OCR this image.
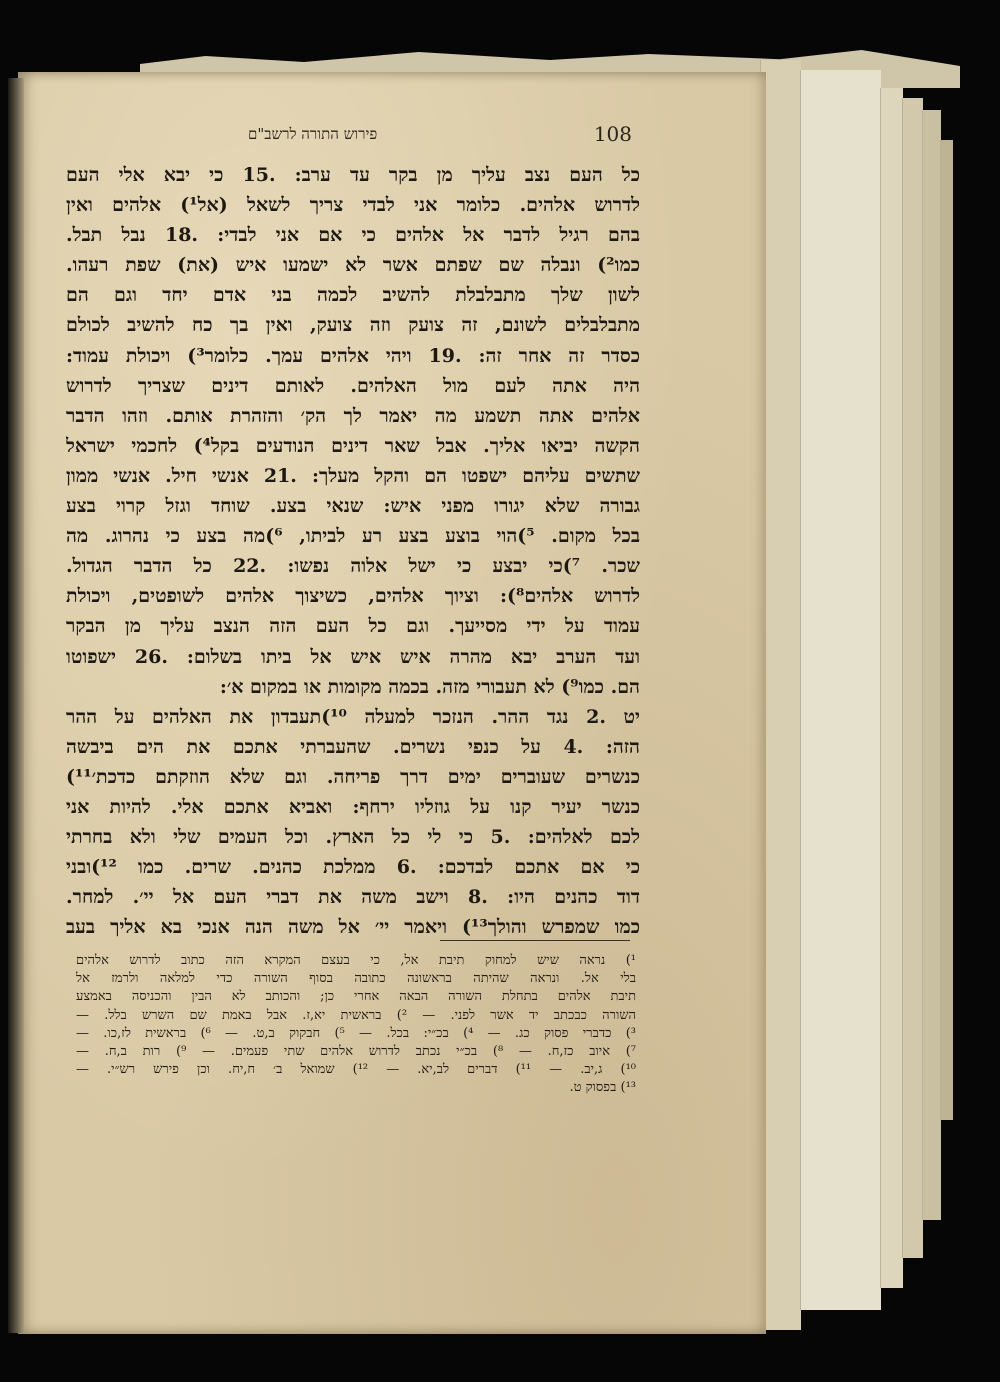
פירוש התורה לרשב"ם	108
כל העם נצב עליך מן בקר עד ערב: .15 כי יבא אלי העם
לדרוש אלהים. כלומר אני לבדי צריך לשאל (אל¹) אלהים ואין
בהם רגיל לדבר אל אלהים כי אם אני לבדי: .18 נבל תבל.
כמו²) ונבלה שם שפתם אשר לא ישמעו איש (את) שפת רעהו.
לשון שלך מתבלבלת להשיב לכמה בני אדם יחד וגם הם
מתבלבלים לשונם, זה צועק וזה צועק, ואין בך כח להשיב לכולם
כסדר זה אחר זה: .19 ויהי אלהים עמך. כלומר³) ויכולת עמוד:
היה אתה לעם מול האלהים. לאותם דינים שצריך לדרוש
אלהים אתה תשמע מה יאמר לך הק׳ והזהרת אותם. וזהו הדבר
הקשה יביאו אליך. אבל שאר דינים הנודעים בקל⁴) לחכמי ישראל
שתשים עליהם ישפטו הם והקל מעלך: .21 אנשי חיל. אנשי ממון
גבורה שלא יגורו מפני איש: שנאי בצע. שוחד וגזל קרוי בצע
בכל מקום. ⁵)הוי בוצע בצע רע לביתו, ⁶)מה בצע כי נהרוג. מה
שכר. ⁷)כי יבצע כי ישל אלוה נפשו: .22 כל הדבר הגדול.
לדרוש אלהים⁸): וציוך אלהים, כשיצוך אלהים לשופטים, ויכולת
עמוד על ידי מסייעך. וגם כל העם הזה הנצב עליך מן הבקר
ועד הערב יבא מהרה איש איש אל ביתו בשלום: .26 ישפוטו
הם. כמו⁹) לא תעבורי מזה. בכמה מקומות או במקום א׳:
יט .2 נגד ההר. הנזכר למעלה ¹⁰)תעבדון את האלהים על ההר
הזה: .4 על כנפי נשרים. שהעברתי אתכם את הים ביבשה
כנשרים שעוברים ימים דרך פריחה. וגם שלא הוזקתם כדכת׳¹¹)
כנשר יעיר קנו על גוזליו ירחף: ואביא אתכם אלי. להיות אני
לכם לאלהים: .5 כי לי כל הארץ. וכל העמים שלי ולא בחרתי
כי אם אתכם לבדכם: .6 ממלכת כהנים. שרים. כמו ¹²)ובני
דוד כהנים היו: .8 וישב משה את דברי העם אל יי׳. למחר.
כמו שמפרש והולך¹³) ויאמר יי׳ אל משה הנה אנכי בא אליך בעב
¹) נראה שיש למחוק תיבת אל, כי בעצם המקרא הזה כתוב לדרוש אלהים
בלי אל. ונראה שהיתה בראשונה כתובה בסוף השורה כדי למלאה ולרמז אל
תיבת אלהים בתחלת השורה הבאה אחרי כן; והכותב לא הבין והכניסה באמצע
השורה כבכתב יד אשר לפני. — ²) בראשית יא,ז. אבל באמת שם השרש בלל. —
³) כדברי פסוק כג. — ⁴) בכ״י: בכל. — ⁵) חבקוק ב,ט. — ⁶) בראשית לז,כו. —
⁷) איוב כז,ח. — ⁸) בכ״י נכתב לדרוש אלהים שתי פעמים. — ⁹) רות ב,ח. —
¹⁰) ג,יב. — ¹¹) דברים לב,יא. — ¹²) שמואל ב׳ ח,יח. וכן פירש רש״י. —
¹³) בפסוק ט.
